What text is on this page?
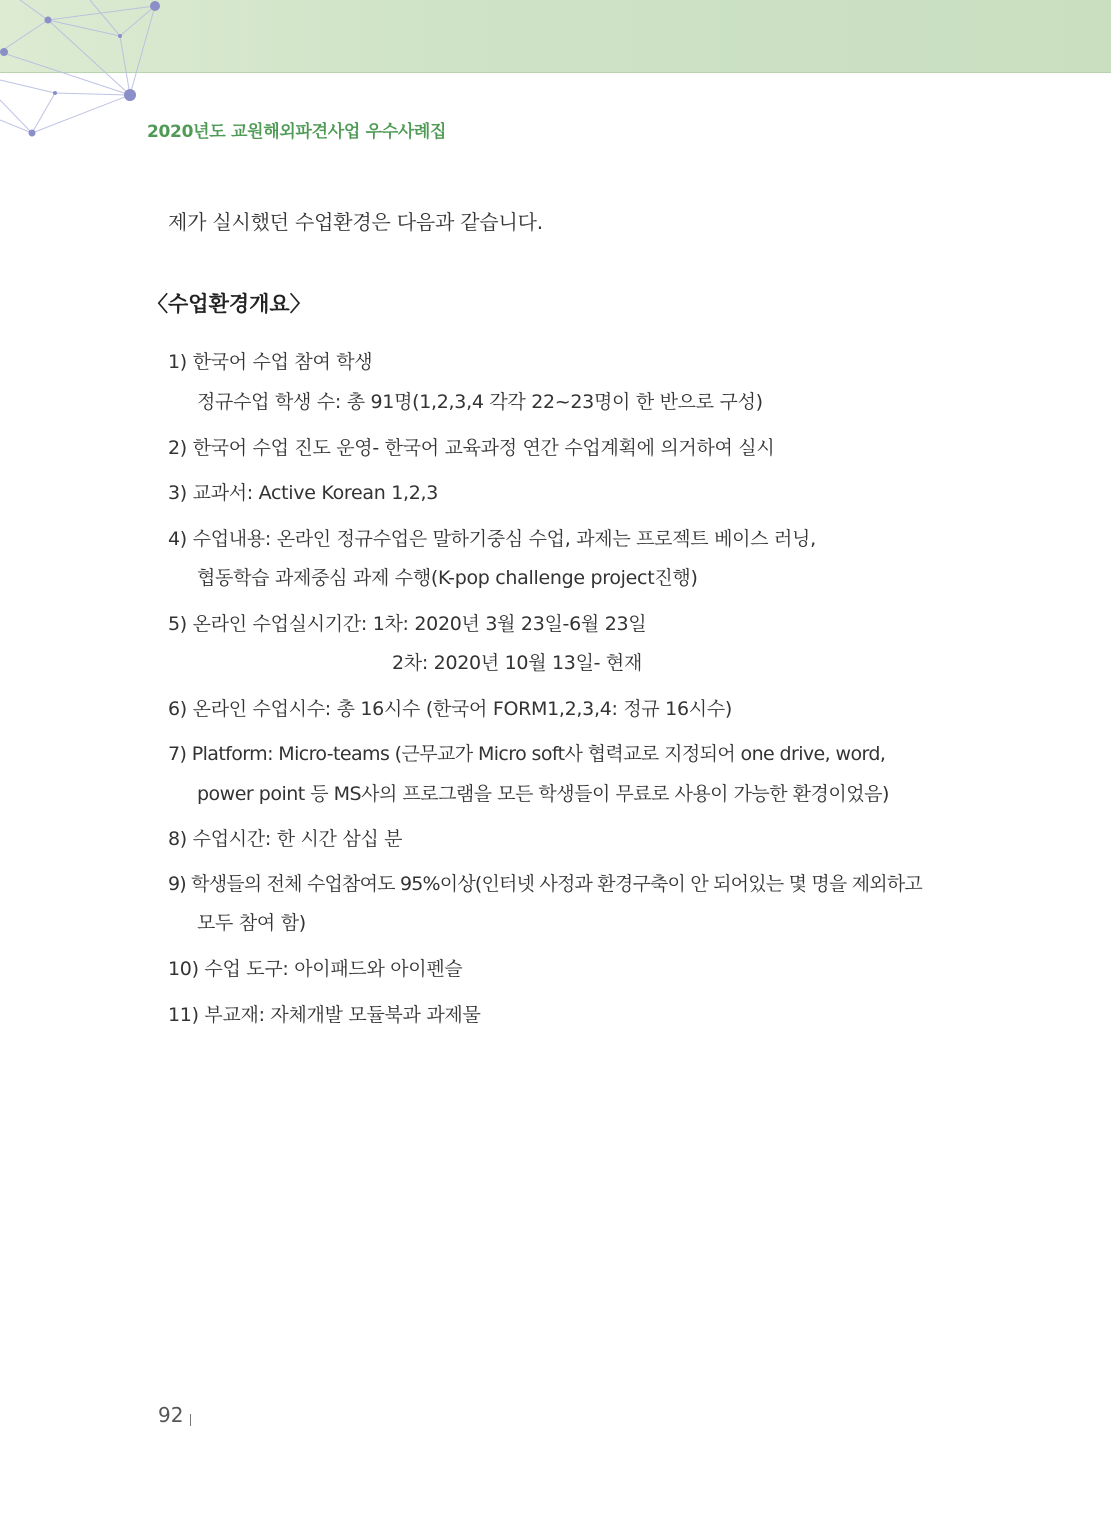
2020년도 교원해외파견사업 우수사례집
제가 실시했던 수업환경은 다음과 같습니다.
〈수업환경개요〉
1) 한국어 수업 참여 학생
정규수업 학생 수: 총 91명(1,2,3,4 각각 22~23명이 한 반으로 구성)
2) 한국어 수업 진도 운영- 한국어 교육과정 연간 수업계획에 의거하여 실시
3) 교과서: Active Korean 1,2,3
4) 수업내용: 온라인 정규수업은 말하기중심 수업, 과제는 프로젝트 베이스 러닝,
협동학습 과제중심 과제 수행(K-pop challenge project진행)
5) 온라인 수업실시기간: 1차: 2020년 3월 23일-6월 23일
2차: 2020년 10월 13일- 현재
6) 온라인 수업시수: 총 16시수 (한국어 FORM1,2,3,4: 정규 16시수)
7) Platform: Micro-teams (근무교가 Micro soft사 협력교로 지정되어 one drive, word,
power point 등 MS사의 프로그램을 모든 학생들이 무료로 사용이 가능한 환경이었음)
8) 수업시간: 한 시간 삼십 분
9) 학생들의 전체 수업참여도 95%이상(인터넷 사정과 환경구축이 안 되어있는 몇 명을 제외하고
모두 참여 함)
10) 수업 도구: 아이패드와 아이펜슬
11) 부교재: 자체개발 모듈북과 과제물
92
